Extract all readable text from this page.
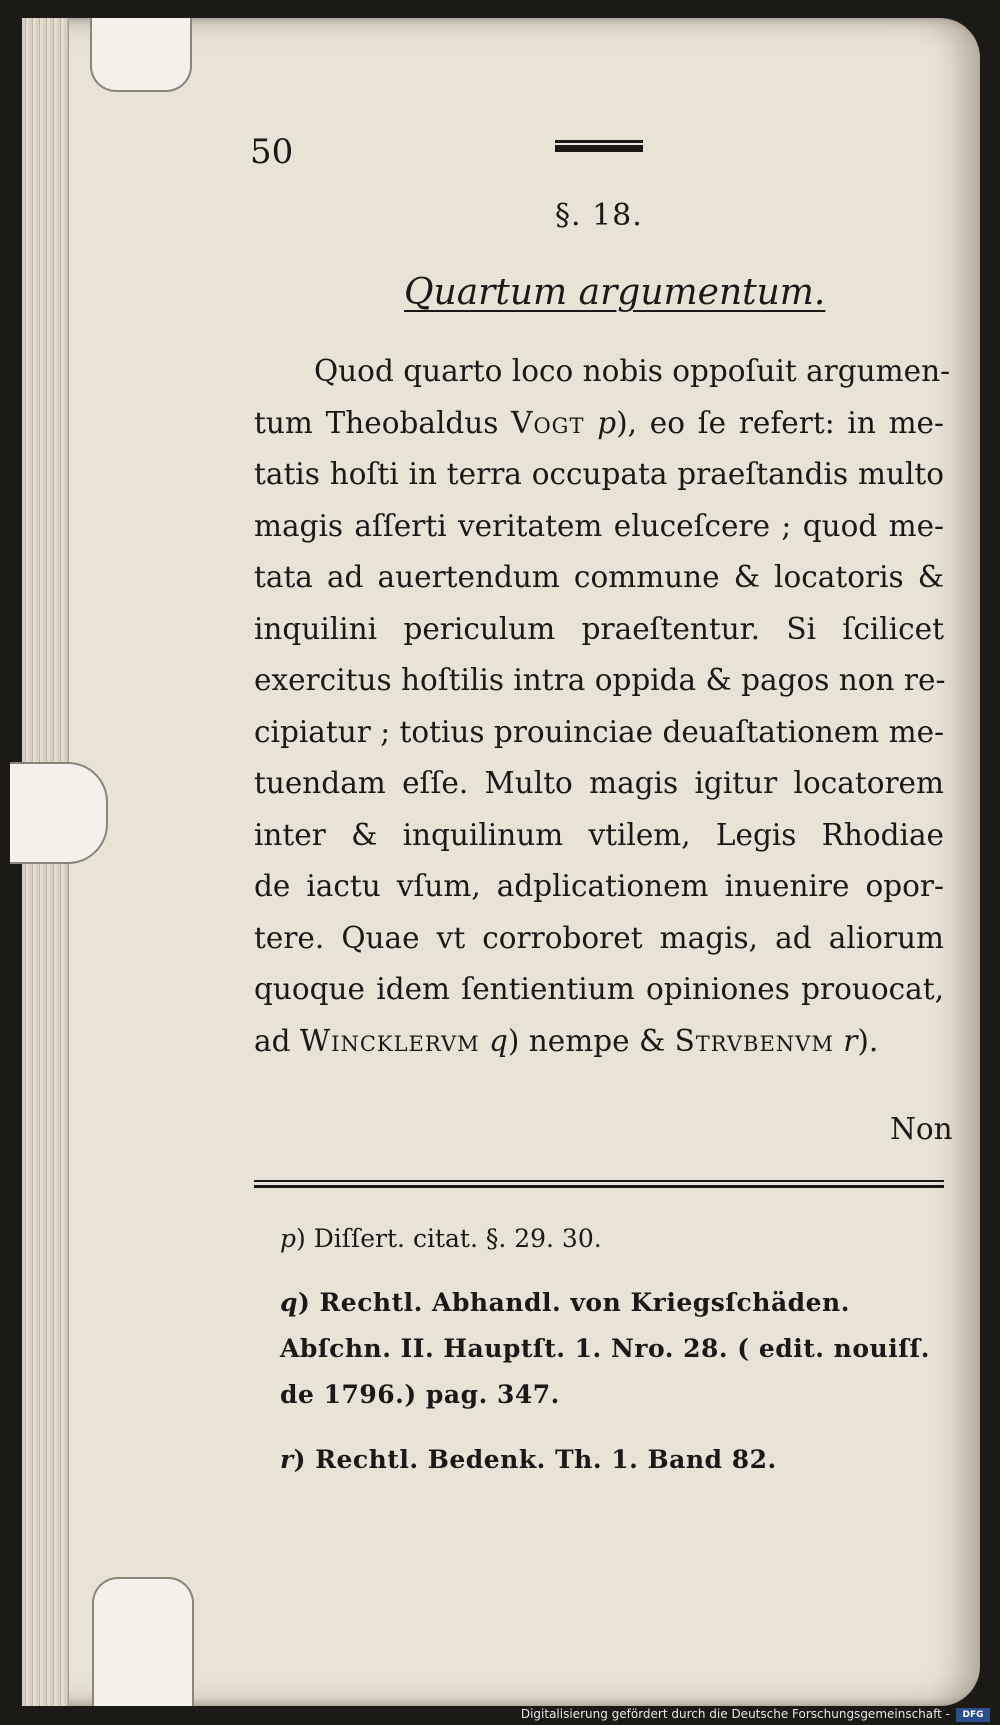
50
§. 18.
Quartum argumentum.
Quod quarto loco nobis oppoſuit argumen-
tum Theobaldus Vogt p), eo ſe refert: in me-
tatis hoſti in terra occupata praeſtandis multo
magis aſſerti veritatem eluceſcere ; quod me-
tata ad auertendum commune & locatoris &
inquilini periculum praeſtentur. Si ſcilicet
exercitus hoſtilis intra oppida & pagos non re-
cipiatur ; totius prouinciae deuaſtationem me-
tuendam eſſe. Multo magis igitur locatorem
inter & inquilinum vtilem, Legis Rhodiae
de iactu vſum, adplicationem inuenire opor-
tere. Quae vt corroboret magis, ad aliorum
quoque idem ſentientium opiniones prouocat,
ad Wincklervm q) nempe & Strvbenvm r).
Non
p) Diſſert. citat. §. 29. 30.
q) Rechtl. Abhandl. von Kriegsſchäden. Abſchn. II. Hauptſt. 1. Nro. 28. ( edit. nouiſſ. de 1796.) pag. 347.
r) Rechtl. Bedenk. Th. 1. Band 82.
Digitalisierung gefördert durch die Deutsche Forschungsgemeinschaft -	DFG
